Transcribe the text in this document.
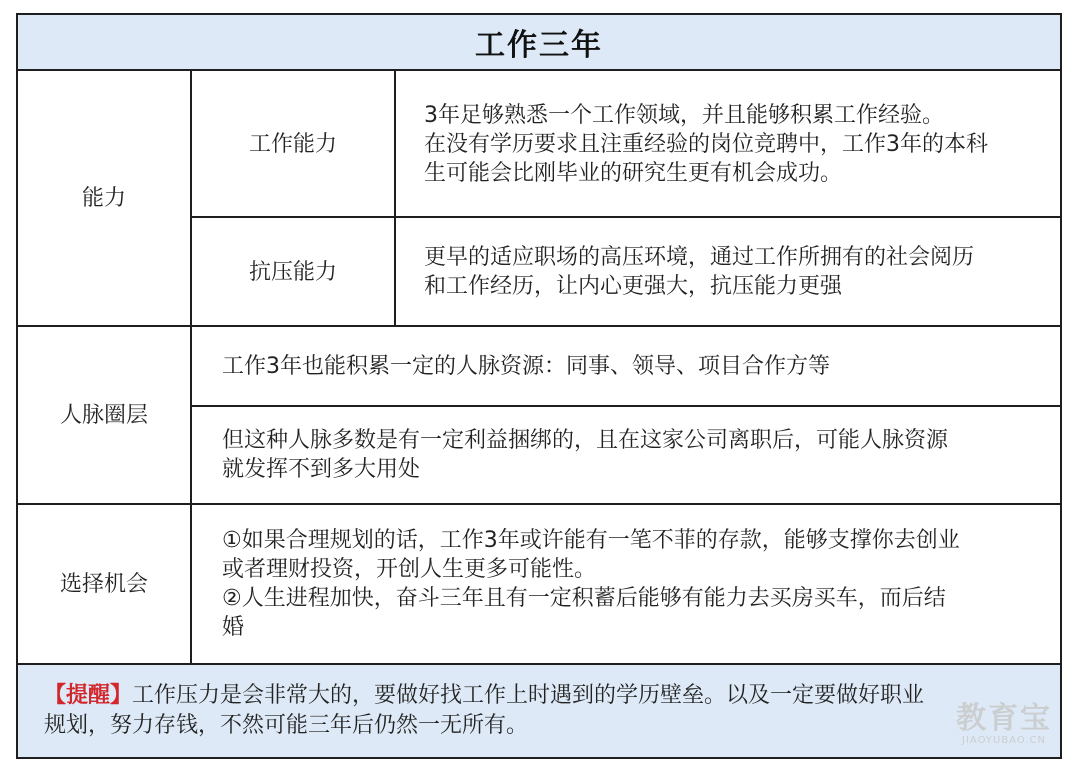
工作三年
能力
工作能力
3年足够熟悉一个工作领域，并且能够积累工作经验。
在没有学历要求且注重经验的岗位竞聘中，工作3年的本科
生可能会比刚毕业的研究生更有机会成功。
抗压能力
更早的适应职场的高压环境，通过工作所拥有的社会阅历
和工作经历，让内心更强大，抗压能力更强
人脉圈层
工作3年也能积累一定的人脉资源：同事、领导、项目合作方等
但这种人脉多数是有一定利益捆绑的，且在这家公司离职后，可能人脉资源
就发挥不到多大用处
选择机会
①如果合理规划的话，工作3年或许能有一笔不菲的存款，能够支撑你去创业
或者理财投资，开创人生更多可能性。
②人生进程加快，奋斗三年且有一定积蓄后能够有能力去买房买车，而后结
婚
【提醒】工作压力是会非常大的，要做好找工作上时遇到的学历壁垒。以及一定要做好职业
规划，努力存钱，不然可能三年后仍然一无所有。	教育宝
JIAOYUBAO.CN
